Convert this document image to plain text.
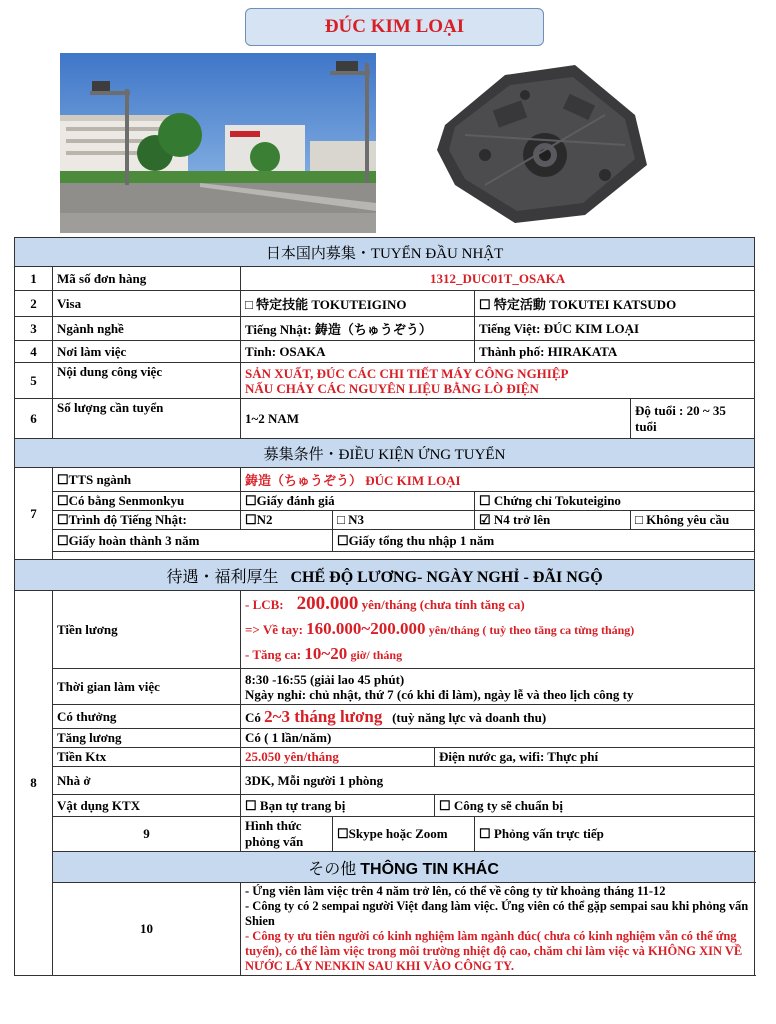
ĐÚC KIM LOẠI
日本国内募集・TUYỂN ĐẦU NHẬT						
1	Mã số đơn hàng	1312_DUC01T_OSAKA				
2	Visa	□ 特定技能 TOKUTEIGINO			☐ 特定活動 TOKUTEI KATSUDO	
3	Ngành nghề	Tiếng Nhật: 鋳造（ちゅうぞう）			Tiếng Việt: ĐÚC KIM LOẠI	
4	Nơi làm việc	Tỉnh: OSAKA			Thành phố: HIRAKATA	
5	Nội dung công việc	SẢN XUẤT, ĐÚC CÁC CHI TIẾT MÁY CÔNG NGHIỆP
NẤU CHẢY CÁC NGUYÊN LIỆU BẰNG LÒ ĐIỆN				

6	Số lượng cần tuyển	1~2 NAM				Độ tuổi : 20 ~ 35 tuổi
募集条件・ĐIỀU KIỆN ỨNG TUYỂN						
7	☐TTS ngành	鋳造（ちゅうぞう） ĐÚC KIM LOẠI				
	☐Có bằng Senmonkyu	☐Giấy đánh giá			☐ Chứng chỉ Tokuteigino	
	☐Trình độ Tiếng Nhật:	☐N2	□ N3		☑ N4 trở lên	□ Không yêu cầu
	☐Giấy hoàn thành 3 năm		☐Giấy tổng thu nhập 1 năm			

待遇・福利厚生 CHẾ ĐỘ LƯƠNG- NGÀY NGHỈ - ĐÃI NGỘ						
8	Tiền lương	- LCB: 200.000 yên/tháng (chưa tính tăng ca)
=> Về tay: 160.000~200.000 yên/tháng ( tuỳ theo tăng ca từng tháng)
- Tăng ca: 10~20 giờ/ tháng				

	Thời gian làm việc	8:30 -16:55 (giải lao 45 phút)
Ngày nghỉ: chủ nhật, thứ 7 (có khi đi làm), ngày lễ và theo lịch công ty				

	Có thưởng	Có 2~3 tháng lương (tuỳ năng lực và doanh thu)				
	Tăng lương	Có ( 1 lần/năm)				
	Tiền Ktx	25.050 yên/tháng		Điện nước ga, wifi: Thực phí		
	Nhà ở	3DK, Mỗi người 1 phòng				
	Vật dụng KTX	☐ Bạn tự trang bị		☐ Công ty sẽ chuẩn bị		
	9	Hình thức phỏng vấn	☐Skype hoặc Zoom		☐ Phỏng vấn trực tiếp	
	その他 THÔNG TIN KHÁC					
	10	- Ứng viên làm việc trên 4 năm trở lên, có thể về công ty từ khoảng tháng 11-12
- Công ty có 2 sempai người Việt đang làm việc. Ứng viên có thể gặp sempai sau khi phỏng vấn Shien
- Công ty ưu tiên người có kinh nghiệm làm ngành đúc( chưa có kinh nghiệm vẫn có thể ứng tuyển), có thể làm việc trong môi trường nhiệt độ cao, chăm chỉ làm việc và KHÔNG XIN VỀ NƯỚC LẤY NENKIN SAU KHI VÀO CÔNG TY.				
